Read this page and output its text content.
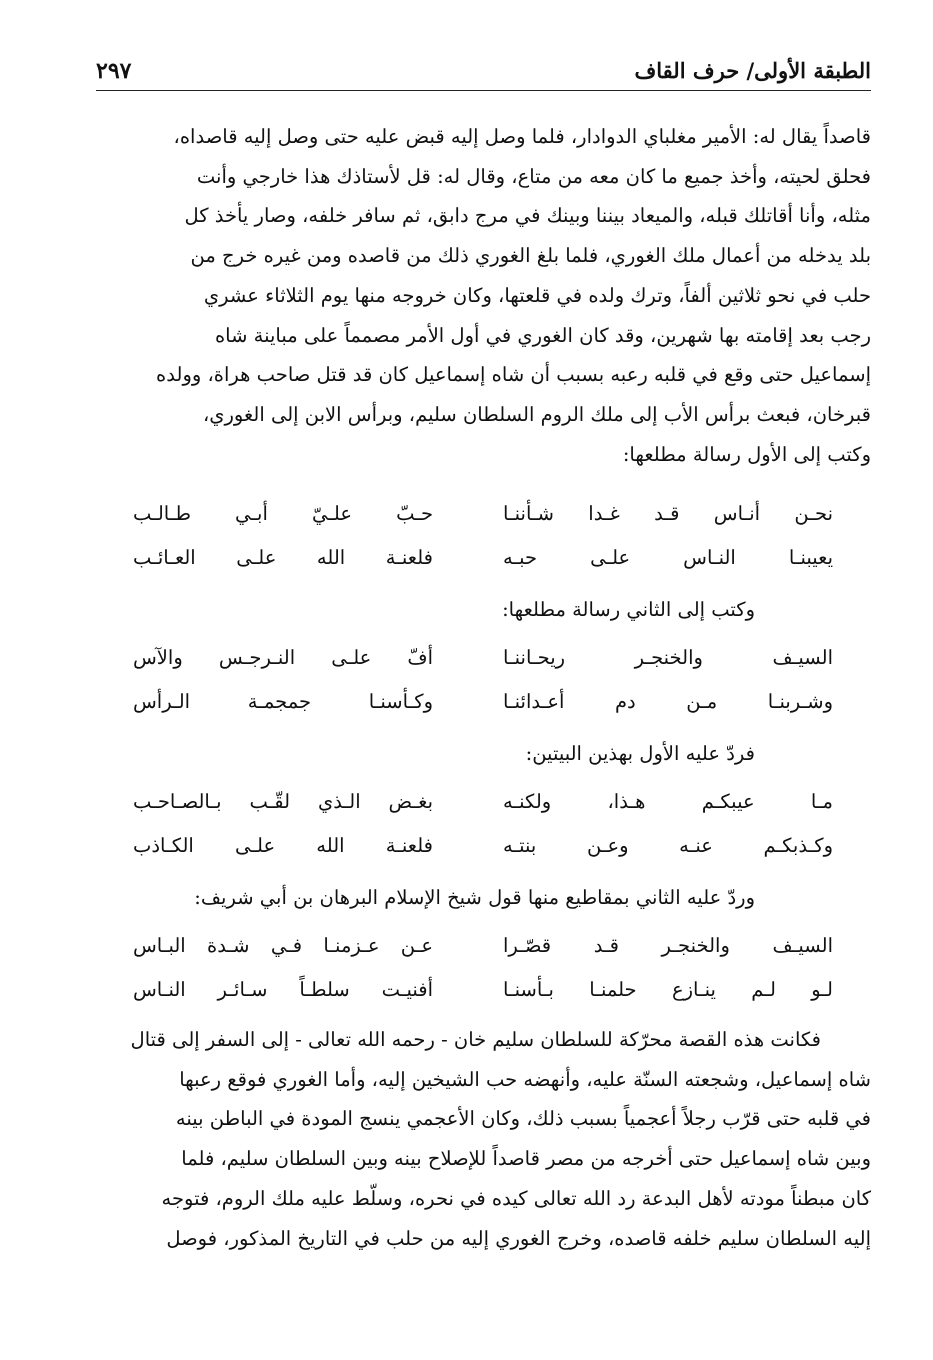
الطبقة الأولى/ حرف القاف
٢٩٧
قاصداً يقال له: الأمير مغلباي الدوادار، فلما وصل إليه قبض عليه حتى وصل إليه قاصداه،
فحلق لحيته، وأخذ جميع ما كان معه من متاع، وقال له: قل لأستاذك هذا خارجي وأنت
مثله، وأنا أقاتلك قبله، والميعاد بيننا وبينك في مرج دابق، ثم سافر خلفه، وصار يأخذ كل
بلد يدخله من أعمال ملك الغوري، فلما بلغ الغوري ذلك من قاصده ومن غيره خرج من
حلب في نحو ثلاثين ألفاً، وترك ولده في قلعتها، وكان خروجه منها يوم الثلاثاء عشري
رجب بعد إقامته بها شهرين، وقد كان الغوري في أول الأمر مصمماً على مباينة شاه
إسماعيل حتى وقع في قلبه رعبه بسبب أن شاه إسماعيل كان قد قتل صاحب هراة، وولده
قبرخان، فبعث برأس الأب إلى ملك الروم السلطان سليم، وبرأس الابن إلى الغوري،
وكتب إلى الأول رسالة مطلعها:
نحـن أنـاس قـد غـدا شـأننـا
حـبّ علـيّ أبـي طـالـب
يعيبنـا النـاس علـى حبـه
فلعنـة الله علـى العـائـب
وكتب إلى الثاني رسالة مطلعها:
السيـف والخنجـر ريحـاننـا
أفّ علـى النـرجـس والآس
وشـربنـا مـن دم أعـدائنـا
وكـأسنـا جمجمـة الـرأس
فردّ عليه الأول بهذين البيتين:
مـا عيبكـم هـذا، ولكنـه
بغـض الـذي لقّـب بـالصـاحـب
وكـذبكـم عنـه وعـن بنتـه
فلعنـة الله علـى الكـاذب
وردّ عليه الثاني بمقاطيع منها قول شيخ الإسلام البرهان بن أبي شريف:
السيـف والخنجـر قـد قصّـرا
عـن عـزمنـا فـي شـدة البـاس
لـو لـم ينـازع حلمنـا بـأسنـا
أفنيـت سلطـاً سـائـر النـاس
فكانت هذه القصة محرّكة للسلطان سليم خان - رحمه الله تعالى - إلى السفر إلى قتال
شاه إسماعيل، وشجعته السنّة عليه، وأنهضه حب الشيخين إليه، وأما الغوري فوقع رعبها
في قلبه حتى قرّب رجلاً أعجمياً بسبب ذلك، وكان الأعجمي ينسج المودة في الباطن بينه
وبين شاه إسماعيل حتى أخرجه من مصر قاصداً للإصلاح بينه وبين السلطان سليم، فلما
كان مبطناً مودته لأهل البدعة رد الله تعالى كيده في نحره، وسلّط عليه ملك الروم، فتوجه
إليه السلطان سليم خلفه قاصده، وخرج الغوري إليه من حلب في التاريخ المذكور، فوصل
